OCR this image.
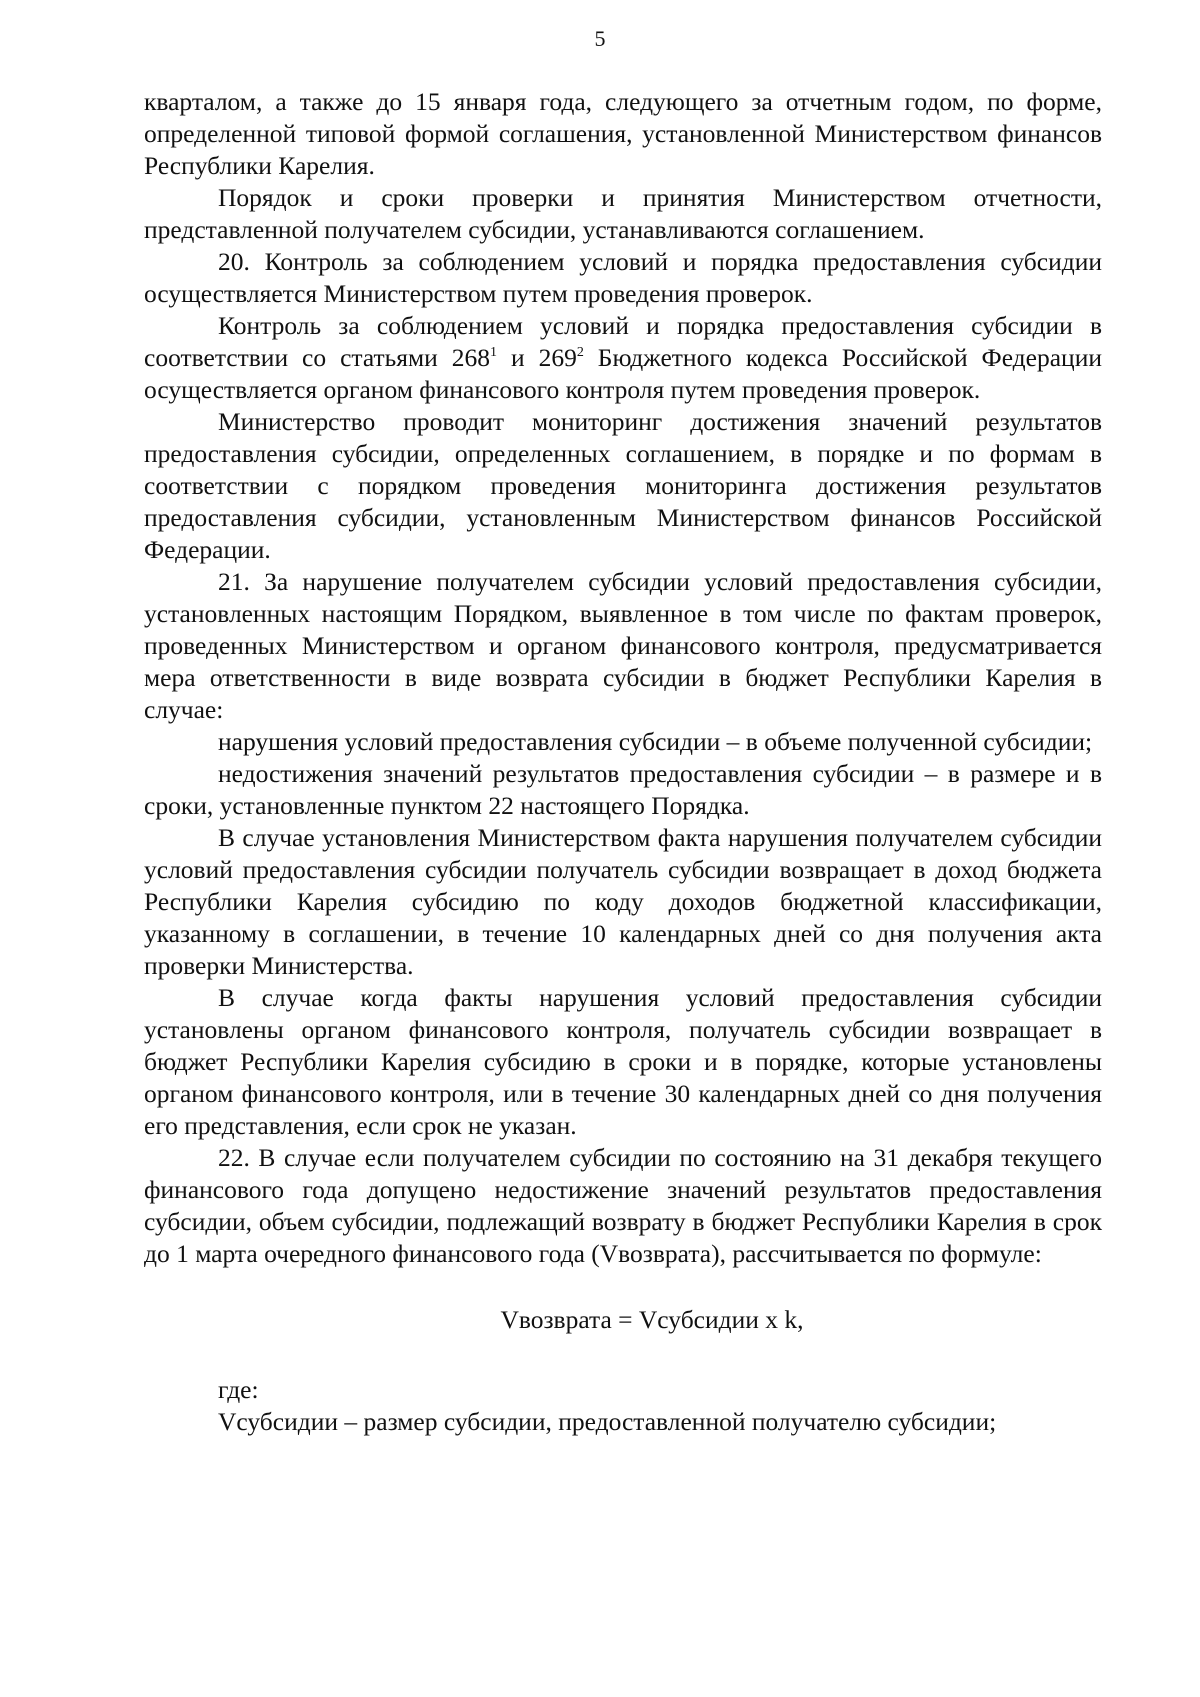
5

кварталом, а также до 15 января года, следующего за отчетным годом, по форме, определенной типовой формой соглашения, установленной Министерством финансов Республики Карелия.

Порядок и сроки проверки и принятия Министерством отчетности, представленной получателем субсидии, устанавливаются соглашением.

20. Контроль за соблюдением условий и порядка предоставления субсидии осуществляется Министерством путем проведения проверок.

Контроль за соблюдением условий и порядка предоставления субсидии в соответствии со статьями $268^1$ и $269^2$ Бюджетного кодекса Российской Федерации осуществляется органом финансового контроля путем проведения проверок.

Министерство проводит мониторинг достижения значений результатов предоставления субсидии, определенных соглашением, в порядке и по формам в соответствии с порядком проведения мониторинга достижения результатов предоставления субсидии, установленным Министерством финансов Российской Федерации.

21. За нарушение получателем субсидии условий предоставления субсидии, установленных настоящим Порядком, выявленное в том числе по фактам проверок, проведенных Министерством и органом финансового контроля, предусматривается мера ответственности в виде возврата субсидии в бюджет Республики Карелия в случае:

нарушения условий предоставления субсидии – в объеме полученной субсидии;

недостижения значений результатов предоставления субсидии – в размере и в сроки, установленные пунктом 22 настоящего Порядка.

В случае установления Министерством факта нарушения получателем субсидии условий предоставления субсидии получатель субсидии возвращает в доход бюджета Республики Карелия субсидию по коду доходов бюджетной классификации, указанному в соглашении, в течение 10 календарных дней со дня получения акта проверки Министерства.

В случае когда факты нарушения условий предоставления субсидии установлены органом финансового контроля, получатель субсидии возвращает в бюджет Республики Карелия субсидию в сроки и в порядке, которые установлены органом финансового контроля, или в течение 30 календарных дней со дня получения его представления, если срок не указан.

22. В случае если получателем субсидии по состоянию на 31 декабря текущего финансового года допущено недостижение значений результатов предоставления субсидии, объем субсидии, подлежащий возврату в бюджет Республики Карелия в срок до 1 марта очередного финансового года (Vвозврата), рассчитывается по формуле:

Vвозврата = Vсубсидии x k,

где:

Vсубсидии – размер субсидии, предоставленной получателю субсидии;
